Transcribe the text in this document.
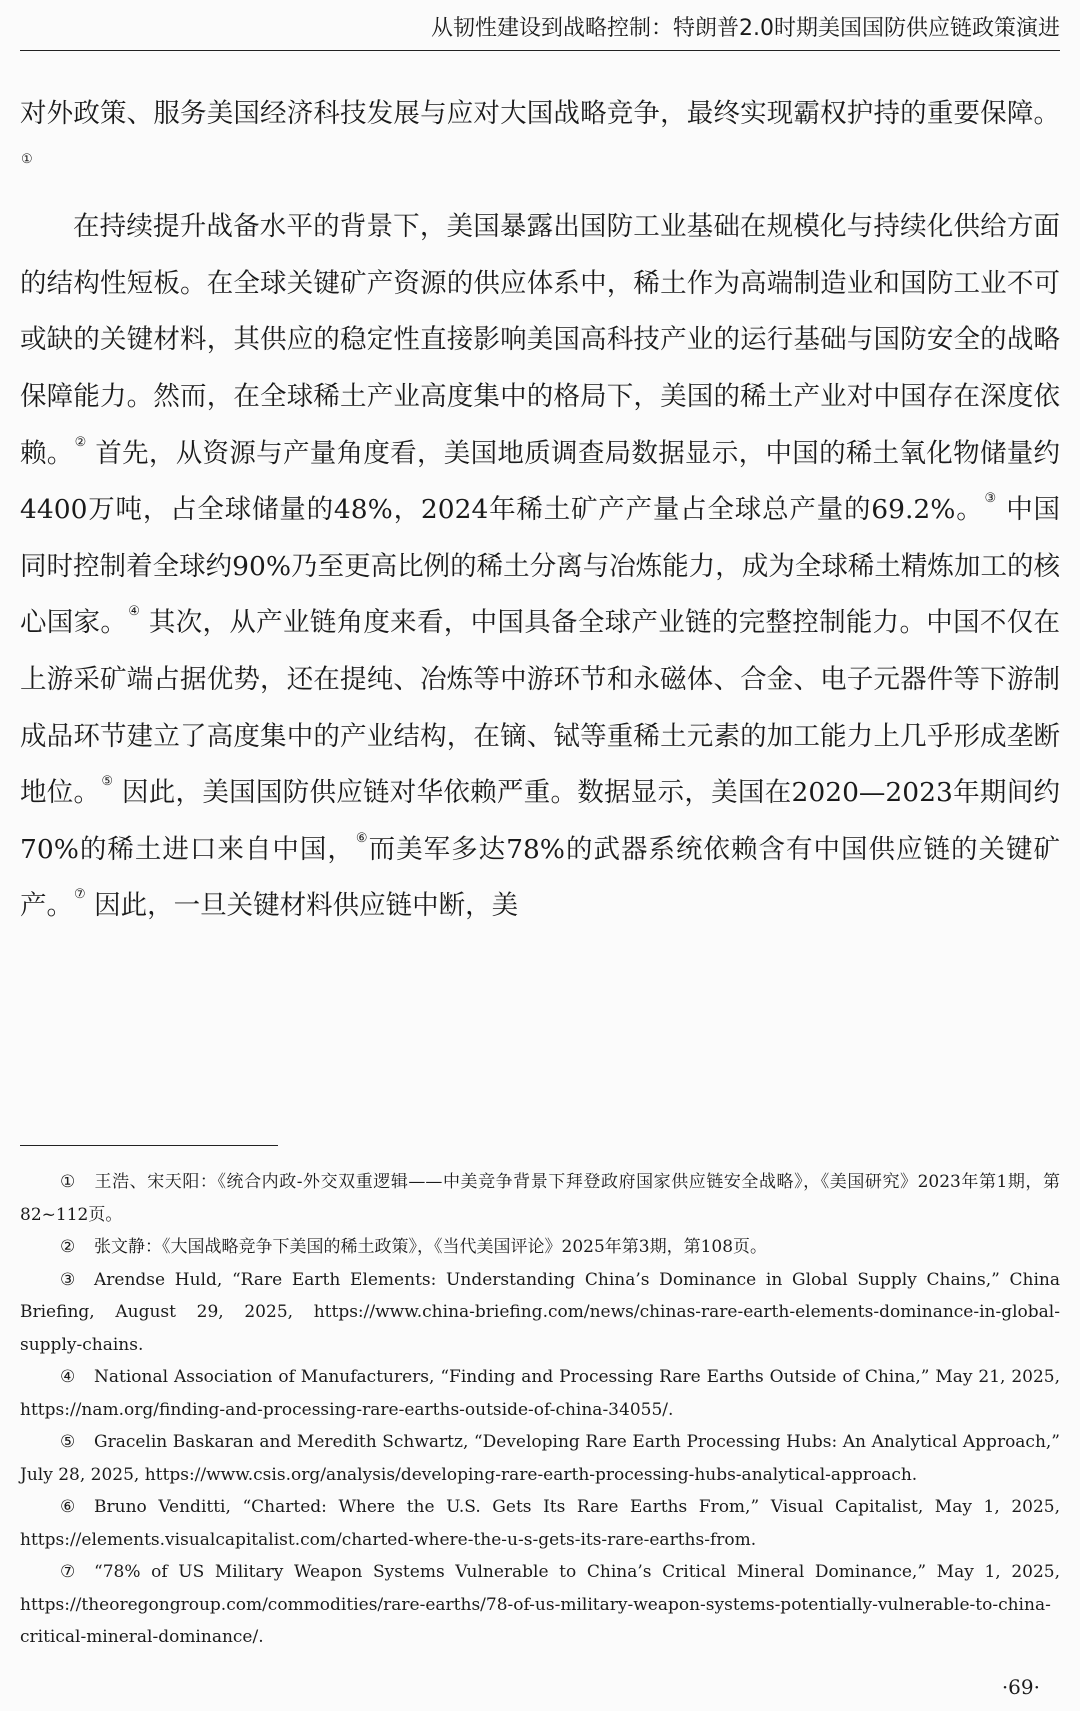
从韧性建设到战略控制：特朗普2.0时期美国国防供应链政策演进

对外政策、服务美国经济科技发展与应对大国战略竞争，最终实现霸权护持的重要保障。①

在持续提升战备水平的背景下，美国暴露出国防工业基础在规模化与持续化供给方面的结构性短板。在全球关键矿产资源的供应体系中，稀土作为高端制造业和国防工业不可或缺的关键材料，其供应的稳定性直接影响美国高科技产业的运行基础与国防安全的战略保障能力。然而，在全球稀土产业高度集中的格局下，美国的稀土产业对中国存在深度依赖。② 首先，从资源与产量角度看，美国地质调查局数据显示，中国的稀土氧化物储量约4400万吨，占全球储量的48%，2024年稀土矿产产量占全球总产量的69.2%。③ 中国同时控制着全球约90%乃至更高比例的稀土分离与冶炼能力，成为全球稀土精炼加工的核心国家。④ 其次，从产业链角度来看，中国具备全球产业链的完整控制能力。中国不仅在上游采矿端占据优势，还在提纯、冶炼等中游环节和永磁体、合金、电子元器件等下游制成品环节建立了高度集中的产业结构，在镝、铽等重稀土元素的加工能力上几乎形成垄断地位。⑤ 因此，美国国防供应链对华依赖严重。数据显示，美国在2020—2023年期间约70%的稀土进口来自中国，⑥而美军多达78%的武器系统依赖含有中国供应链的关键矿产。⑦ 因此，一旦关键材料供应链中断，美

① 王浩、宋天阳：《统合内政-外交双重逻辑——中美竞争背景下拜登政府国家供应链安全战略》，《美国研究》2023年第1期，第82~112页。

② 张文静：《大国战略竞争下美国的稀土政策》，《当代美国评论》2025年第3期，第108页。

③ Arendse Huld, “Rare Earth Elements: Understanding China’s Dominance in Global Supply Chains,” China Briefing, August 29, 2025, https://www.china-briefing.com/news/chinas-rare-earth-elements-dominance-in-global-supply-chains.

④ National Association of Manufacturers, “Finding and Processing Rare Earths Outside of China,” May 21, 2025, https://nam.org/finding-and-processing-rare-earths-outside-of-china-34055/.

⑤ Gracelin Baskaran and Meredith Schwartz, “Developing Rare Earth Processing Hubs: An Analytical Approach,” July 28, 2025, https://www.csis.org/analysis/developing-rare-earth-processing-hubs-analytical-approach.

⑥ Bruno Venditti, “Charted: Where the U.S. Gets Its Rare Earths From,” Visual Capitalist, May 1, 2025, https://elements.visualcapitalist.com/charted-where-the-u-s-gets-its-rare-earths-from.

⑦ “78% of US Military Weapon Systems Vulnerable to China’s Critical Mineral Dominance,” May 1, 2025, https://theoregongroup.com/commodities/rare-earths/78-of-us-military-weapon-systems-potentially-vulnerable-to-china-critical-mineral-dominance/.

·69·
